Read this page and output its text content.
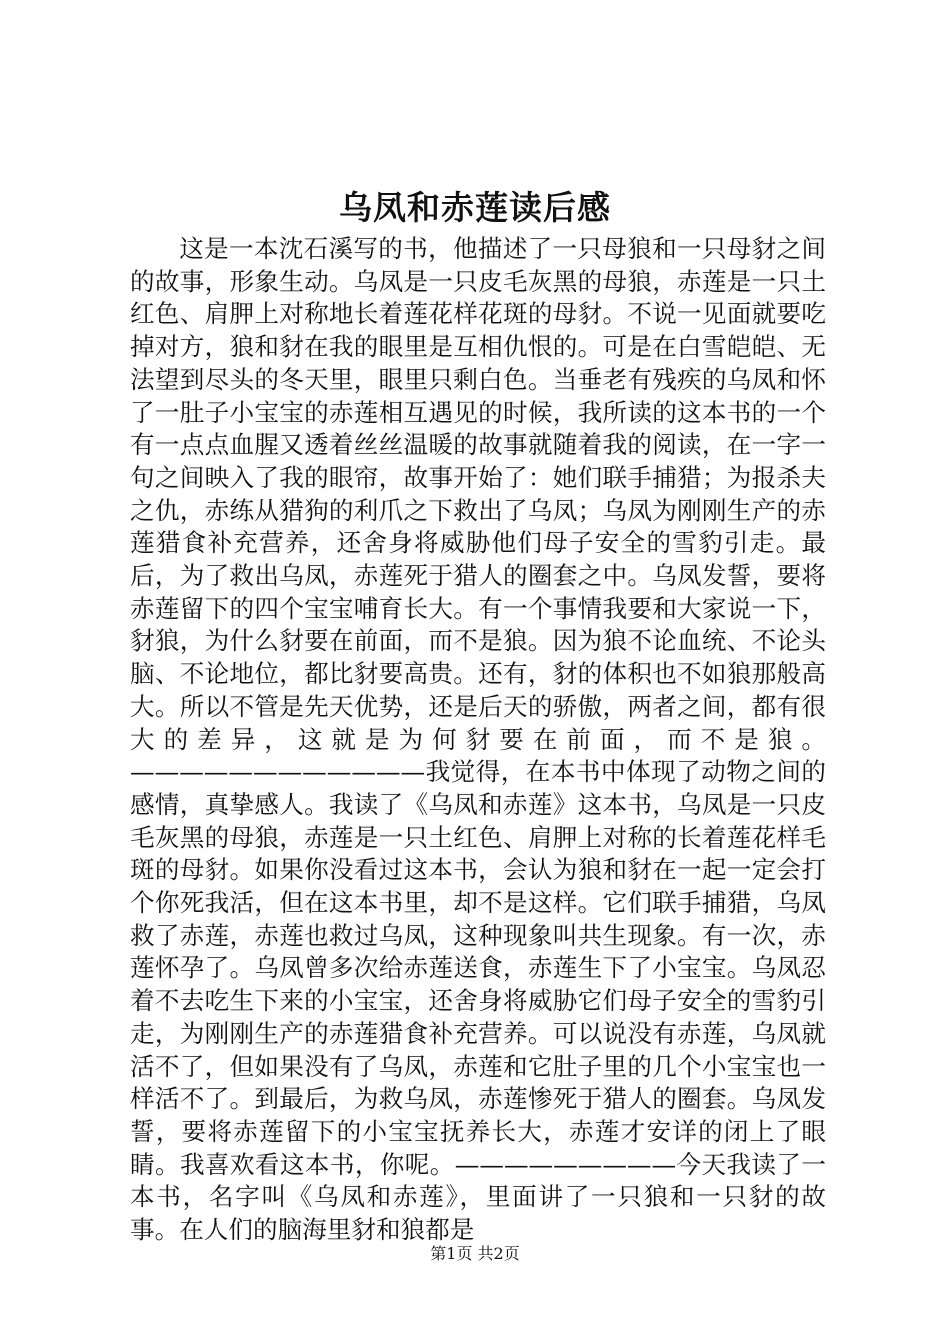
乌凤和赤莲读后感

这是一本沈石溪写的书，他描述了一只母狼和一只母豺之间的故事，形象生动。乌凤是一只皮毛灰黑的母狼，赤莲是一只土红色、肩胛上对称地长着莲花样花斑的母豺。不说一见面就要吃掉对方，狼和豺在我的眼里是互相仇恨的。可是在白雪皑皑、无法望到尽头的冬天里，眼里只剩白色。当垂老有残疾的乌凤和怀了一肚子小宝宝的赤莲相互遇见的时候，我所读的这本书的一个有一点点血腥又透着丝丝温暖的故事就随着我的阅读，在一字一句之间映入了我的眼帘，故事开始了：她们联手捕猎；为报杀夫之仇，赤练从猎狗的利爪之下救出了乌凤；乌凤为刚刚生产的赤莲猎食补充营养，还舍身将威胁他们母子安全的雪豹引走。最后，为了救出乌凤，赤莲死于猎人的圈套之中。乌凤发誓，要将赤莲留下的四个宝宝哺育长大。有一个事情我要和大家说一下，豺狼，为什么豺要在前面，而不是狼。因为狼不论血统、不论头脑、不论地位，都比豺要高贵。还有，豺的体积也不如狼那般高大。所以不管是先天优势，还是后天的骄傲，两者之间，都有很大的差异，这就是为何豺要在前面，而不是狼。————————————我觉得，在本书中体现了动物之间的感情，真挚感人。我读了《乌凤和赤莲》这本书，乌凤是一只皮毛灰黑的母狼，赤莲是一只土红色、肩胛上对称的长着莲花样毛斑的母豺。如果你没看过这本书，会认为狼和豺在一起一定会打个你死我活，但在这本书里，却不是这样。它们联手捕猎，乌凤救了赤莲，赤莲也救过乌凤，这种现象叫共生现象。有一次，赤莲怀孕了。乌凤曾多次给赤莲送食，赤莲生下了小宝宝。乌凤忍着不去吃生下来的小宝宝，还舍身将威胁它们母子安全的雪豹引走，为刚刚生产的赤莲猎食补充营养。可以说没有赤莲，乌凤就活不了，但如果没有了乌凤，赤莲和它肚子里的几个小宝宝也一样活不了。到最后，为救乌凤，赤莲惨死于猎人的圈套。乌凤发誓，要将赤莲留下的小宝宝抚养长大，赤莲才安详的闭上了眼睛。我喜欢看这本书，你呢。—————————今天我读了一本书，名字叫《乌凤和赤莲》，里面讲了一只狼和一只豺的故事。在人们的脑海里豺和狼都是

第1页 共2页
